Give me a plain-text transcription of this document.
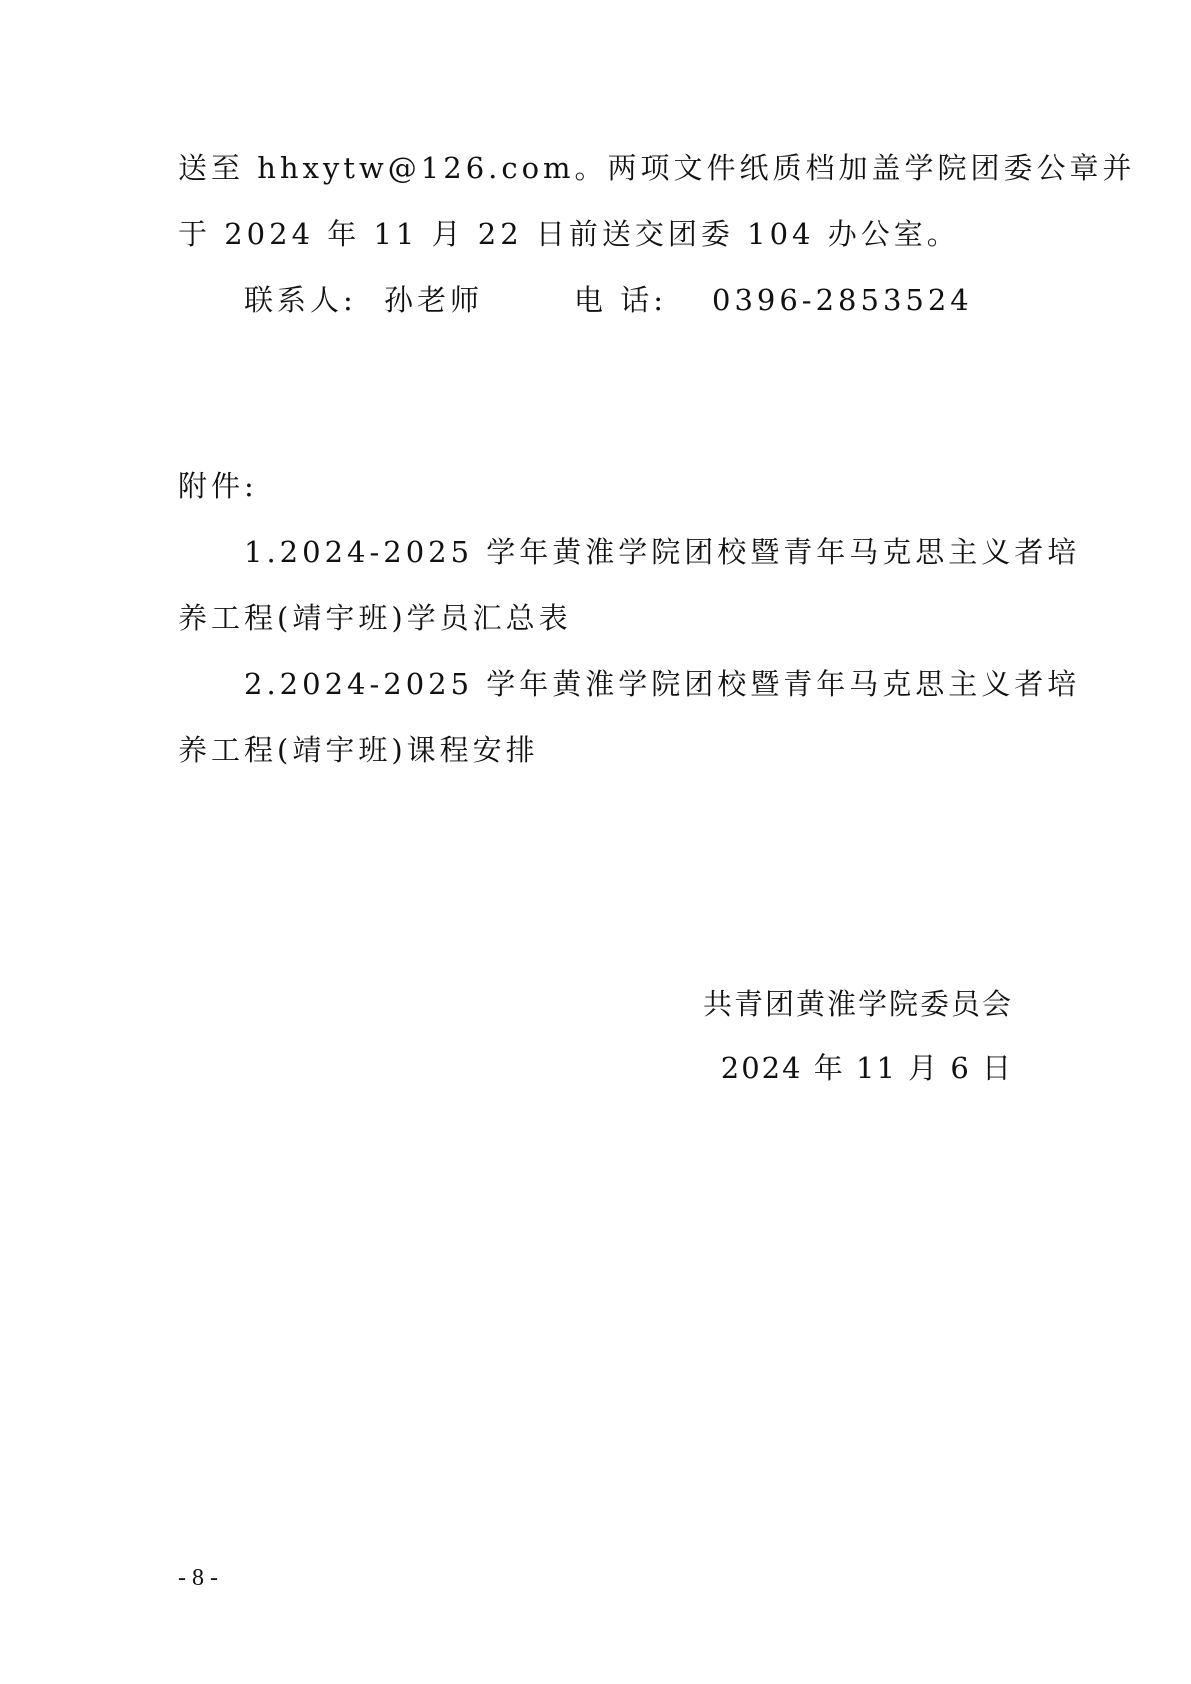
送至 hhxytw@126.com。两项文件纸质档加盖学院团委公章并
于 2024 年 11 月 22 日前送交团委 104 办公室。
联系人: 孙老师	电 话: 0396-2853524
附件:
1.2024-2025 学年黄淮学院团校暨青年马克思主义者培
养工程(靖宇班)学员汇总表
2.2024-2025 学年黄淮学院团校暨青年马克思主义者培
养工程(靖宇班)课程安排
共青团黄淮学院委员会
2024 年 11 月 6 日
- 8 -
